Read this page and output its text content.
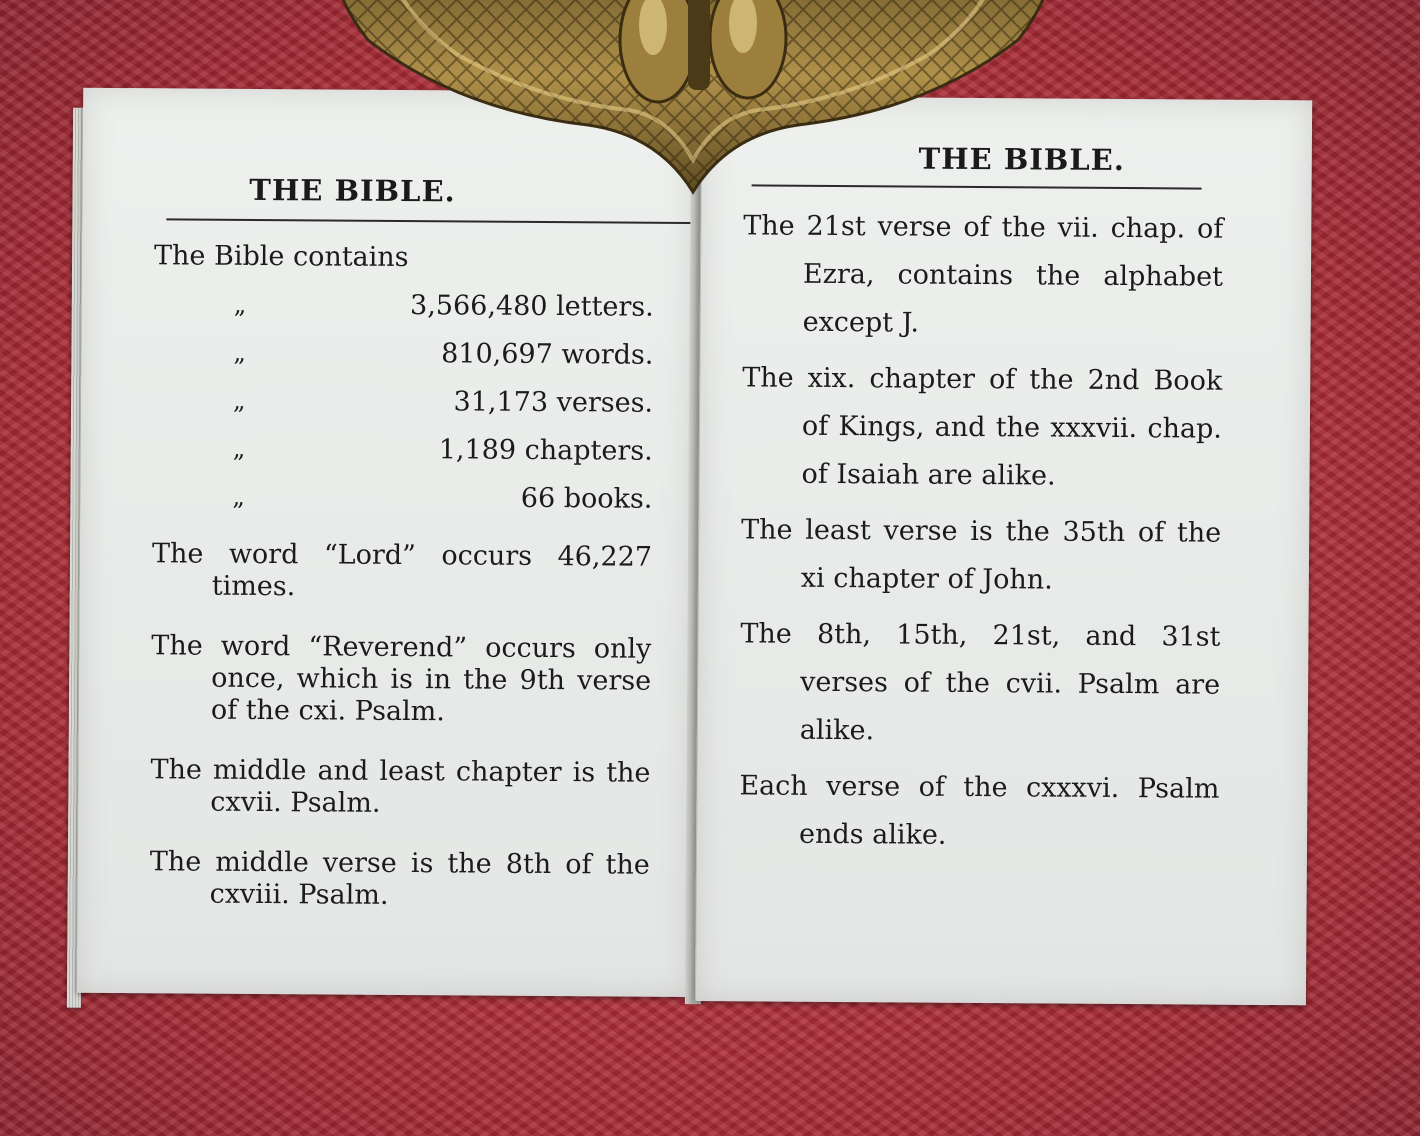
THE BIBLE.
The Bible contains
„	3,566,480 letters.
„	810,697 words.
„	31,173 verses.
„	1,189 chapters.
„	66 books.

The word “Lord” occurs 46,227 times.

The word “Reverend” occurs only once, which is in the 9th verse of the cxi. Psalm.

The middle and least chapter is the cxvii. Psalm.

The middle verse is the 8th of the cxviii. Psalm.

THE BIBLE.

The 21st verse of the vii. chap. of Ezra, contains the alphabet except J.

The xix. chapter of the 2nd Book of Kings, and the xxxvii. chap. of Isaiah are alike.

The least verse is the 35th of the xi chapter of John.

The 8th, 15th, 21st, and 31st verses of the cvii. Psalm are alike.

Each verse of the cxxxvi. Psalm ends alike.
